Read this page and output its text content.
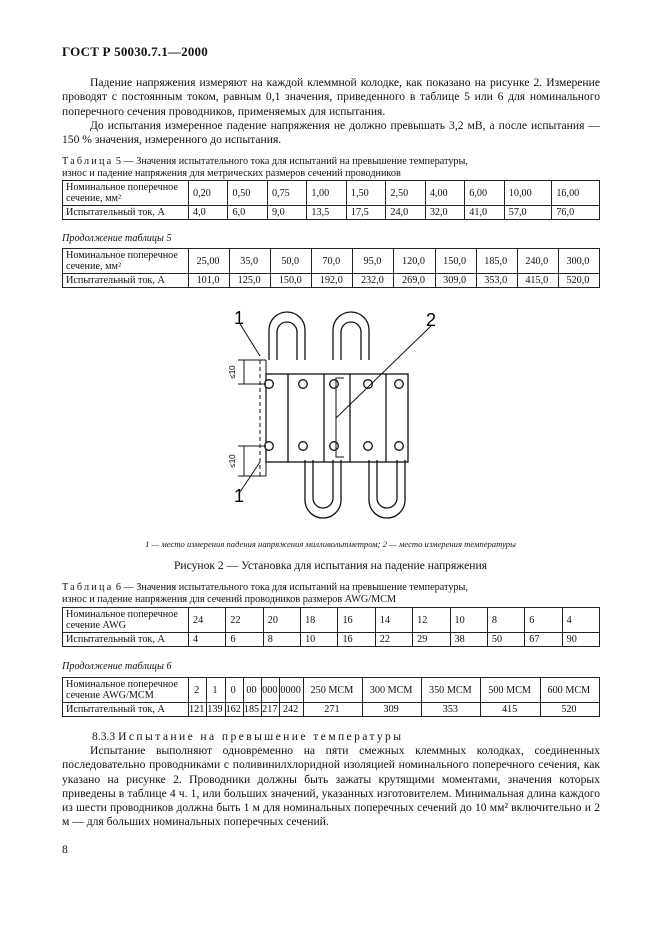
ГОСТ Р 50030.7.1—2000
Падение напряжения измеряют на каждой клеммной колодке, как показано на рисунке 2. Измерение проводят с постоянным током, равным 0,1 значения, приведенного в таблице 5 или 6 для номинального поперечного сечения проводников, применяемых для испытания.
До испытания измеренное падение напряжения не должно превышать 3,2 мВ, а после испытания — 150 % значения, измеренного до испытания.
Таблица 5 — Значения испытательного тока для испытаний на превышение температуры,
износ и падение напряжения для метрических размеров сечений проводников
Номинальное поперечное сечение, мм²	0,20	0,50	0,75	1,00	1,50	2,50	4,00	6,00	10,00	16,00
Испытательный ток, А	4,0	6,0	9,0	13,5	17,5	24,0	32,0	41,0	57,0	76,0
Продолжение таблицы 5
Номинальное поперечное сечение, мм²	25,00	35,0	50,0	70,0	95,0	120,0	150,0	185,0	240,0	300,0
Испытательный ток, А	101,0	125,0	150,0	192,0	232,0	269,0	309,0	353,0	415,0	520,0
1
1
2
≤10
≤10
1 — место измерения падения напряжения милливольтметром; 2 — место измерения температуры
Рисунок 2 — Установка для испытания на падение напряжения
Таблица 6 — Значения испытательного тока для испытаний на превышение температуры,
износ и падение напряжения для сечений проводников размеров AWG/MCM
Номинальное поперечное сечение AWG	24	22	20	18	16	14	12	10	8	6	4
Испытательный ток, А	4	6	8	10	16	22	29	38	50	67	90
Продолжение таблицы 6
Номинальное поперечное сечение AWG/MCM	2	1	0	00	000	0000	250 MCM	300 MCM	350 MCM	500 MCM	600 MCM
Испытательный ток, А	121	139	162	185	217	242	271	309	353	415	520
8.3.3 Испытание на превышение температуры
Испытание выполняют одновременно на пяти смежных клеммных колодках, соединенных последовательно проводниками с поливинилхлоридной изоляцией номинального поперечного сечения, как указано на рисунке 2. Проводники должны быть зажаты крутящими моментами, значения которых приведены в таблице 4 ч. 1, или больших значений, указанных изготовителем. Минимальная длина каждого из шести проводников должна быть 1 м для номинальных поперечных сечений до 10 мм² включительно и 2 м — для больших номинальных поперечных сечений.
8
